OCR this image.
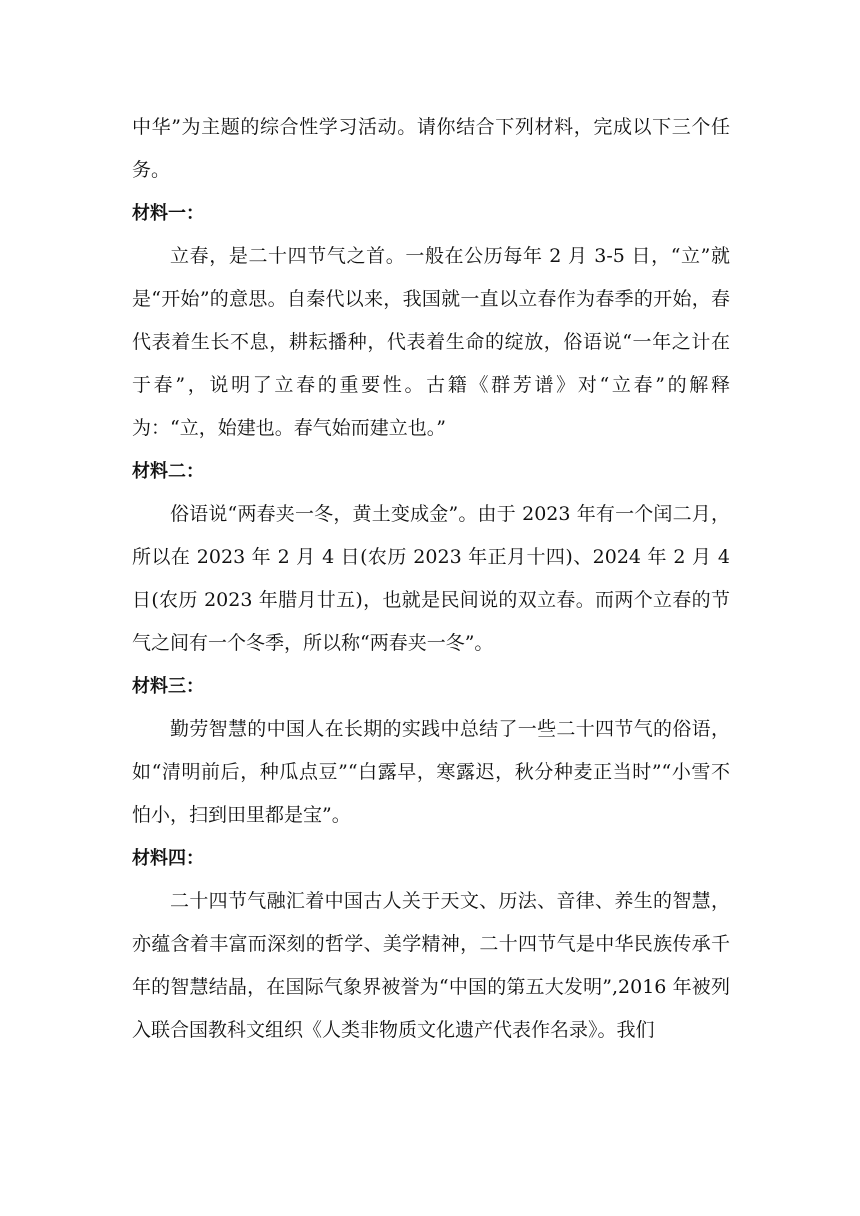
中华”为主题的综合性学习活动。请你结合下列材料，完成以下三个任务。

材料一：

立春，是二十四节气之首。一般在公历每年 2 月 3-5 日，“立”就是“开始”的意思。自秦代以来，我国就一直以立春作为春季的开始，春代表着生长不息，耕耘播种，代表着生命的绽放，俗语说“一年之计在于春”，说明了立春的重要性。古籍《群芳谱》对“立春”的解释为：“立，始建也。春气始而建立也。”

材料二：

俗语说“两春夹一冬，黄土变成金”。由于 2023 年有一个闰二月，所以在 2023 年 2 月 4 日(农历 2023 年正月十四)、2024 年 2 月 4 日(农历 2023 年腊月廿五)，也就是民间说的双立春。而两个立春的节气之间有一个冬季，所以称“两春夹一冬”。

材料三：

勤劳智慧的中国人在长期的实践中总结了一些二十四节气的俗语，如“清明前后，种瓜点豆”“白露早，寒露迟，秋分种麦正当时”“小雪不怕小，扫到田里都是宝”。

材料四：

二十四节气融汇着中国古人关于天文、历法、音律、养生的智慧，亦蕴含着丰富而深刻的哲学、美学精神，二十四节气是中华民族传承千年的智慧结晶，在国际气象界被誉为“中国的第五大发明”,2016 年被列入联合国教科文组织《人类非物质文化遗产代表作名录》。我们
